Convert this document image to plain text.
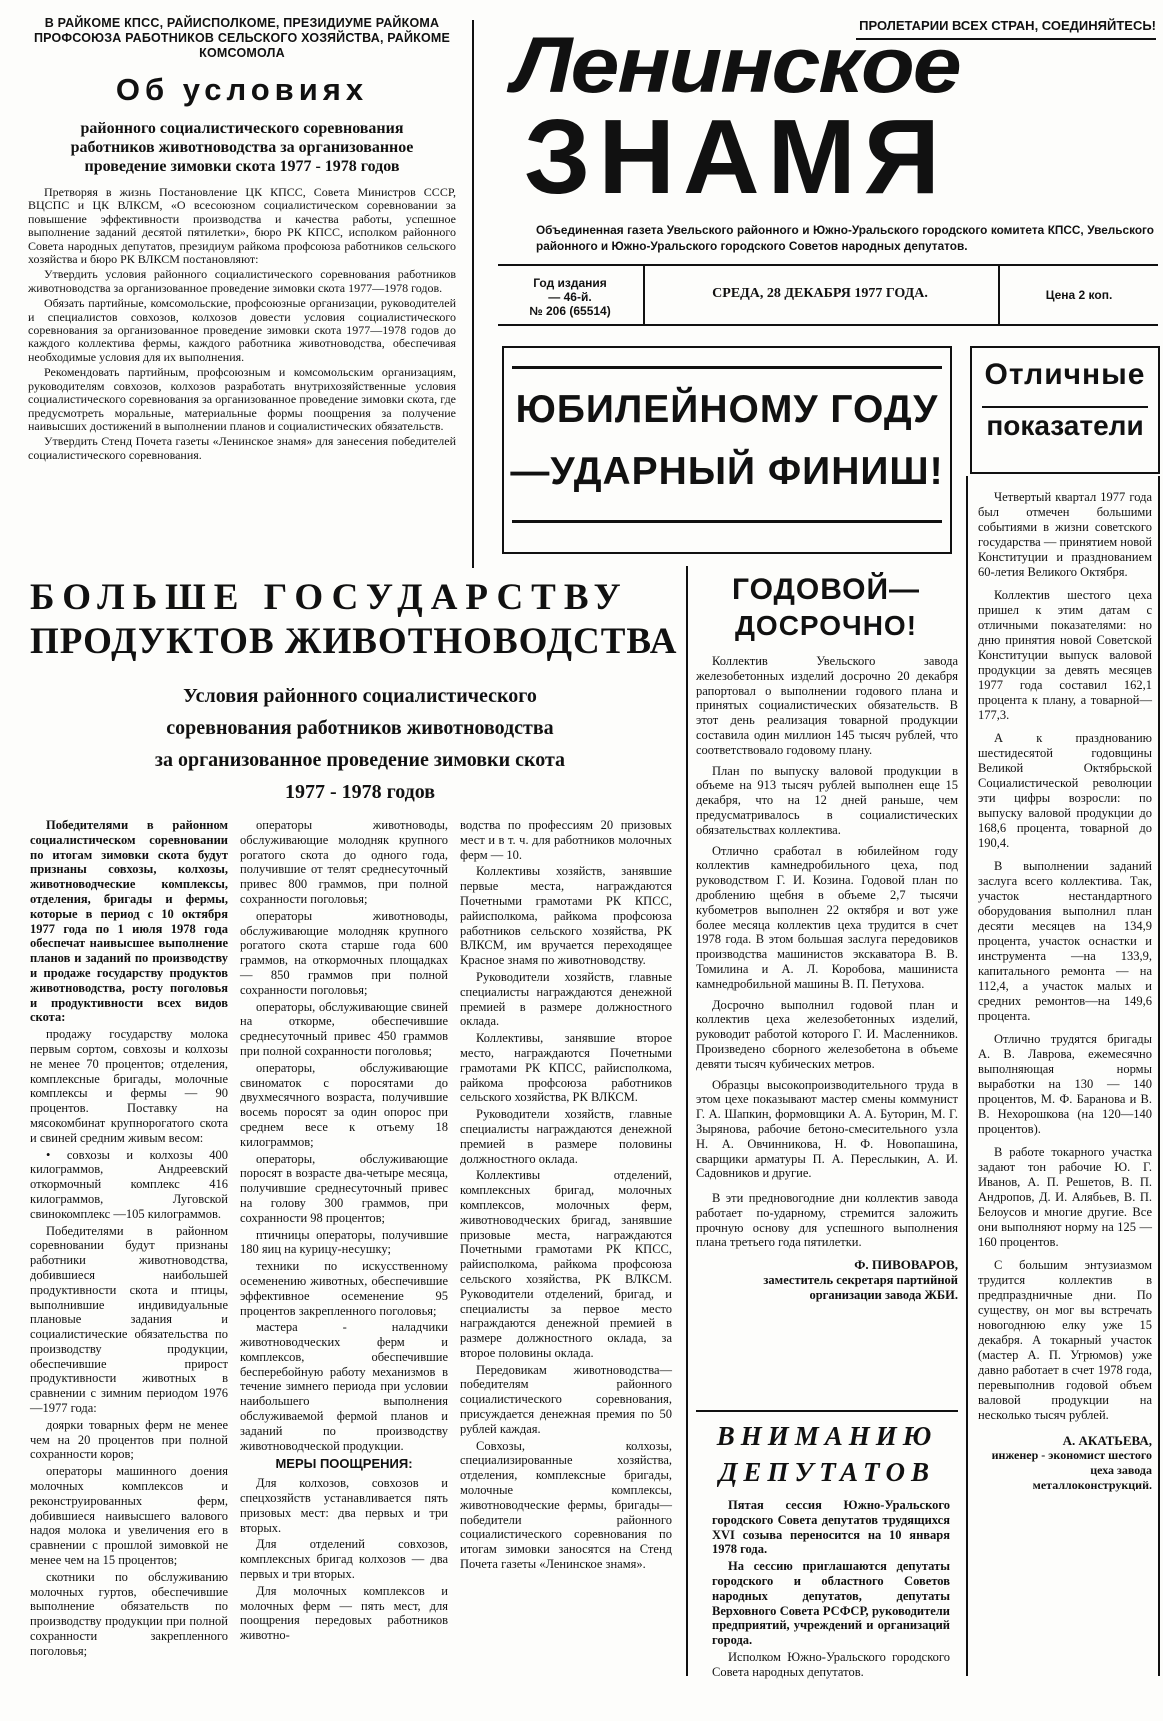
В РАЙКОМЕ КПСС, РАЙИСПОЛКОМЕ, ПРЕЗИДИУМЕ РАЙКОМА ПРОФСОЮЗА РАБОТНИКОВ СЕЛЬСКОГО ХОЗЯЙСТВА, РАЙКОМЕ КОМСОМОЛА
Об условиях
районного социалистического соревнования работников животноводства за организованное проведение зимовки скота 1977 - 1978 годов

Претворяя в жизнь Постановление ЦК КПСС, Совета Министров СССР, ВЦСПС и ЦК ВЛКСМ, «О всесоюзном социалистическом соревновании за повышение эффективности производства и качества работы, успешное выполнение заданий десятой пятилетки», бюро РК КПСС, исполком районного Совета народных депутатов, президиум райкома профсоюза работников сельского хозяйства и бюро РК ВЛКСМ постановляют:

Утвердить условия районного социалистического соревнования работников животноводства за организованное проведение зимовки скота 1977—1978 годов.

Обязать партийные, комсомольские, профсоюзные организации, руководителей и специалистов совхозов, колхозов довести условия социалистического соревнования за организованное проведение зимовки скота 1977—1978 годов до каждого коллектива фермы, каждого работника животноводства, обеспечивая необходимые условия для их выполнения.

Рекомендовать партийным, профсоюзным и комсомольским организациям, руководителям совхозов, колхозов разработать внутрихозяйственные условия социалистического соревнования за организованное проведение зимовки скота, где предусмотреть моральные, материальные формы поощрения за получение наивысших достижений в выполнении планов и социалистических обязательств.

Утвердить Стенд Почета газеты «Ленинское знамя» для занесения победителей социалистического соревнования.

ПРОЛЕТАРИИ ВСЕХ СТРАН, СОЕДИНЯЙТЕСЬ!
Ленинское
ЗНАМЯ
Объединенная газета Увельского районного и Южно-Уральского городского комитета КПСС, Увельского районного и Южно-Уральского городского Советов народных депутатов.
Год издания
— 46-й.
№ 206 (65514)
СРЕДА, 28 ДЕКАБРЯ 1977 ГОДА.	Цена 2 коп.
ЮБИЛЕЙНОМУ ГОДУ
—УДАРНЫЙ ФИНИШ!
Отличные
показатели

Четвертый квартал 1977 года был отмечен большими событиями в жизни советского государства — принятием новой Конституции и празднованием 60-летия Великого Октября.

Коллектив шестого цеха пришел к этим датам с отличными показателями: но дню принятия новой Советской Конституции выпуск валовой продукции за девять месяцев 1977 года составил 162,1 процента к плану, а товарной—177,3.

А к празднованию шестидесятой годовщины Великой Октябрьской Социалистической революции эти цифры возросли: по выпуску валовой продукции до 168,6 процента, товарной до 190,4.

В выполнении заданий заслуга всего коллектива. Так, участок нестандартного оборудования выполнил план десяти месяцев на 134,9 процента, участок оснастки и инструмента —на 133,9, капитального ремонта — на 112,4, а участок малых и средних ремонтов—на 149,6 процента.

Отлично трудятся бригады А. В. Лаврова, ежемесячно выполняющая нормы выработки на 130 — 140 процентов, М. Ф. Баранова и В. В. Нехорошкова (на 120—140 процентов).

В работе токарного участка задают тон рабочие Ю. Г. Иванов, А. П. Решетов, В. П. Андропов, Д. И. Алябьев, В. П. Белоусов и многие другие. Все они выполняют норму на 125 — 160 процентов.

С большим энтузиазмом трудится коллектив в предпраздничные дни. По существу, он мог вы встречать новогоднюю елку уже 15 декабря. А токарный участок (мастер А. П. Угрюмов) уже давно работает в счет 1978 года, перевыполнив годовой объем валовой продукции на несколько тысяч рублей.

А. АКАТЬЕВА,
инженер - экономист шестого цеха завода металлоконструкций.
БОЛЬШЕ ГОСУДАРСТВУ
ПРОДУКТОВ ЖИВОТНОВОДСТВА
Условия районного социалистического
соревнования работников животноводства
за организованное проведение зимовки скота
1977 - 1978 годов

Победителями в районном социалистическом соревновании по итогам зимовки скота будут признаны совхозы, колхозы, животноводческие комплексы, отделения, бригады и фермы, которые в период с 10 октября 1977 года по 1 июля 1978 года обеспечат наивысшее выполнение планов и заданий по производству и продаже государству продуктов животноводства, росту поголовья и продуктивности всех видов скота:

продажу государству молока первым сортом, совхозы и колхозы не менее 70 процентов; отделения, комплексные бригады, молочные комплексы и фермы — 90 процентов. Поставку на мясокомбинат крупнорогатого скота и свиней средним живым весом:

• совхозы и колхозы 400 килограммов, Андреевский откормочный комплекс 416 килограммов, Луговской свинокомплекс —105 килограммов.

Победителями в районном соревновании будут признаны работники животноводства, добившиеся наибольшей продуктивности скота и птицы, выполнившие индивидуальные плановые задания и социалистические обязательства по производству продукции, обеспечившие прирост продуктивности животных в сравнении с зимним периодом 1976—1977 года:

доярки товарных ферм не менее чем на 20 процентов при полной сохранности коров;

операторы машинного доения молочных комплексов и реконструированных ферм, добившиеся наивысшего валового надоя молока и увеличения его в сравнении с прошлой зимовкой не менее чем на 15 процентов;

скотники по обслуживанию молочных гуртов, обеспечившие выполнение обязательств по производству продукции при полной сохранности закрепленного поголовья;

операторы животноводы, обслуживающие молодняк крупного рогатого скота до одного года, получившие от телят среднесуточный привес 800 граммов, при полной сохранности поголовья;

операторы животноводы, обслуживающие молодняк крупного рогатого скота старше года 600 граммов, на откормочных площадках — 850 граммов при полной сохранности поголовья;

операторы, обслуживающие свиней на откорме, обеспечившие среднесуточный привес 450 граммов при полной сохранности поголовья;

операторы, обслуживающие свиноматок с поросятами до двухмесячного возраста, получившие восемь поросят за один опорос при среднем весе к отъему 18 килограммов;

операторы, обслуживающие поросят в возрасте два-четыре месяца, получившие среднесуточный привес на голову 300 граммов, при сохранности 98 процентов;

птичницы операторы, получившие 180 яиц на курицу-несушку;

техники по искусственному осеменению животных, обеспечившие эффективное осеменение 95 процентов закрепленного поголовья;

мастера - наладчики животноводческих ферм и комплексов, обеспечившие бесперебойную работу механизмов в течение зимнего периода при условии наибольшего выполнения обслуживаемой фермой планов и заданий по производству животноводческой продукции.

МЕРЫ ПООЩРЕНИЯ:

Для колхозов, совхозов и спецхозяйств устанавливается пять призовых мест: два первых и три вторых.

Для отделений совхозов, комплексных бригад колхозов — два первых и три вторых.

Для молочных комплексов и молочных ферм — пять мест, для поощрения передовых работников животно-

водства по профессиям 20 призовых мест и в т. ч. для работников молочных ферм — 10.

Коллективы хозяйств, занявшие первые места, награждаются Почетными грамотами РК КПСС, райисполкома, райкома профсоюза работников сельского хозяйства, РК ВЛКСМ, им вручается переходящее Красное знамя по животноводству.

Руководители хозяйств, главные специалисты награждаются денежной премией в размере должностного оклада.

Коллективы, занявшие второе место, награждаются Почетными грамотами РК КПСС, райисполкома, райкома профсоюза работников сельского хозяйства, РК ВЛКСМ.

Руководители хозяйств, главные специалисты награждаются денежной премией в размере половины должностного оклада.

Коллективы отделений, комплексных бригад, молочных комплексов, молочных ферм, животноводческих бригад, занявшие призовые места, награждаются Почетными грамотами РК КПСС, райисполкома, райкома профсоюза сельского хозяйства, РК ВЛКСМ. Руководители отделений, бригад, и специалисты за первое место награждаются денежной премией в размере должностного оклада, за второе половины оклада.

Передовикам животноводства—победителям районного социалистического соревнования, присуждается денежная премия по 50 рублей каждая.

Совхозы, колхозы, специализированные хозяйства, отделения, комплексные бригады, молочные комплексы, животноводческие фермы, бригады—победители районного социалистического соревнования по итогам зимовки заносятся на Стенд Почета газеты «Ленинское знамя».

ГОДОВОЙ—
ДОСРОЧНО!

Коллектив Увельского завода железобетонных изделий досрочно 20 декабря рапортовал о выполнении годового плана и принятых социалистических обязательств. В этот день реализация товарной продукции составила один миллион 145 тысяч рублей, что соответствовало годовому плану.

План по выпуску валовой продукции в объеме на 913 тысяч рублей выполнен еще 15 декабря, что на 12 дней раньше, чем предусматривалось в социалистических обязательствах коллектива.

Отлично сработал в юбилейном году коллектив камнедробильного цеха, под руководством Г. И. Козина. Годовой план по дроблению щебня в объеме 2,7 тысячи кубометров выполнен 22 октября и вот уже более месяца коллектив цеха трудится в счет 1978 года. В этом большая заслуга передовиков производства машинистов экскаватора В. В. Томилина и А. Л. Коробова, машиниста камнедробильной машины В. П. Петухова.

Досрочно выполнил годовой план и коллектив цеха железобетонных изделий, руководит работой которого Г. И. Масленников. Произведено сборного железобетона в объеме девяти тысяч кубических метров.

Образцы высокопроизводительного труда в этом цехе показывают мастер смены коммунист Г. А. Шапкин, формовщики А. А. Буторин, М. Г. Зырянова, рабочие бетоно-смесительного узла Н. А. Овчинникова, Н. Ф. Новопашина, сварщики арматуры П. А. Переслыкин, А. И. Садовников и другие.

В эти предновогодние дни коллектив завода работает по-ударному, стремится заложить прочную основу для успешного выполнения плана третьего года пятилетки.

Ф. ПИВОВАРОВ,
заместитель секретаря партийной организации завода ЖБИ.
ВНИМАНИЮ
ДЕПУТАТОВ

Пятая сессия Южно-Уральского городского Совета депутатов трудящихся XVI созыва переносится на 10 января 1978 года.

На сессию приглашаются депутаты городского и областного Советов народных депутатов, депутаты Верховного Совета РСФСР, руководители предприятий, учреждений и организаций города.

Исполком Южно-Уральского городского Совета народных депутатов.
